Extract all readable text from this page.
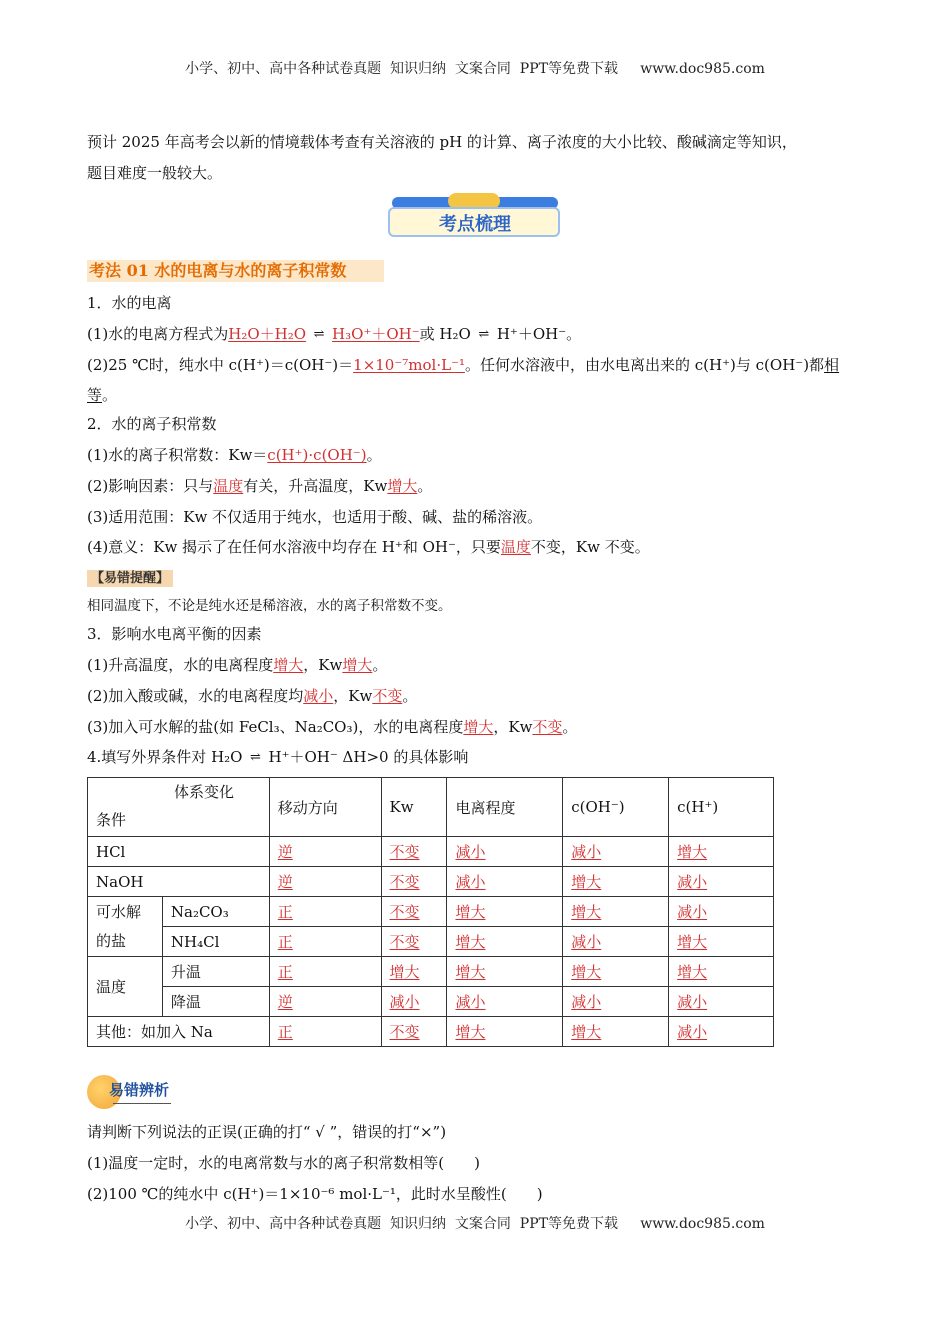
小学、初中、高中各种试卷真题  知识归纳  文案合同  PPT等免费下载     www.doc985.com
预计 2025 年高考会以新的情境载体考查有关溶液的 pH 的计算、离子浓度的大小比较、酸碱滴定等知识，
题目难度一般较大。
考点梳理
考法 01 水的电离与水的离子积常数
1．水的电离
(1)水的电离方程式为H₂O＋H₂O ⇌ H₃O⁺＋OH⁻或 H₂O ⇌ H⁺＋OH⁻。
(2)25 ℃时，纯水中 c(H⁺)＝c(OH⁻)＝1×10⁻⁷mol·L⁻¹。任何水溶液中，由水电离出来的 c(H⁺)与 c(OH⁻)都相
等。
2．水的离子积常数
(1)水的离子积常数：Kw＝c(H⁺)·c(OH⁻)。
(2)影响因素：只与温度有关，升高温度，Kw增大。
(3)适用范围：Kw 不仅适用于纯水，也适用于酸、碱、盐的稀溶液。
(4)意义：Kw 揭示了在任何水溶液中均存在 H⁺和 OH⁻，只要温度不变，Kw 不变。
【易错提醒】
相同温度下，不论是纯水还是稀溶液，水的离子积常数不变。
3．影响水电离平衡的因素
(1)升高温度，水的电离程度增大，Kw增大。
(2)加入酸或碱，水的电离程度均减小，Kw不变。
(3)加入可水解的盐(如 FeCl₃、Na₂CO₃)，水的电离程度增大，Kw不变。
4.填写外界条件对 H₂O ⇌ H⁺＋OH⁻ ΔH>0 的具体影响
体系变化
条件		移动方向	Kw	电离程度	c(OH⁻)	c(H⁺)
HCl		逆	不变	减小	减小	增大
NaOH		逆	不变	减小	增大	减小

可水解
的盐	Na₂CO₃	正	不变	增大	增大	减小
	NH₄Cl	正	不变	增大	减小	增大
温度	升温	正	增大	增大	增大	增大
	降温	逆	减小	减小	减小	减小
其他：如加入 Na		正	不变	增大	增大	减小
易错辨析
请判断下列说法的正误(正确的打“ √ ”，错误的打“×”)
(1)温度一定时，水的电离常数与水的离子积常数相等(　　)
(2)100 ℃的纯水中 c(H⁺)＝1×10⁻⁶ mol·L⁻¹，此时水呈酸性(　　)
小学、初中、高中各种试卷真题  知识归纳  文案合同  PPT等免费下载     www.doc985.com
